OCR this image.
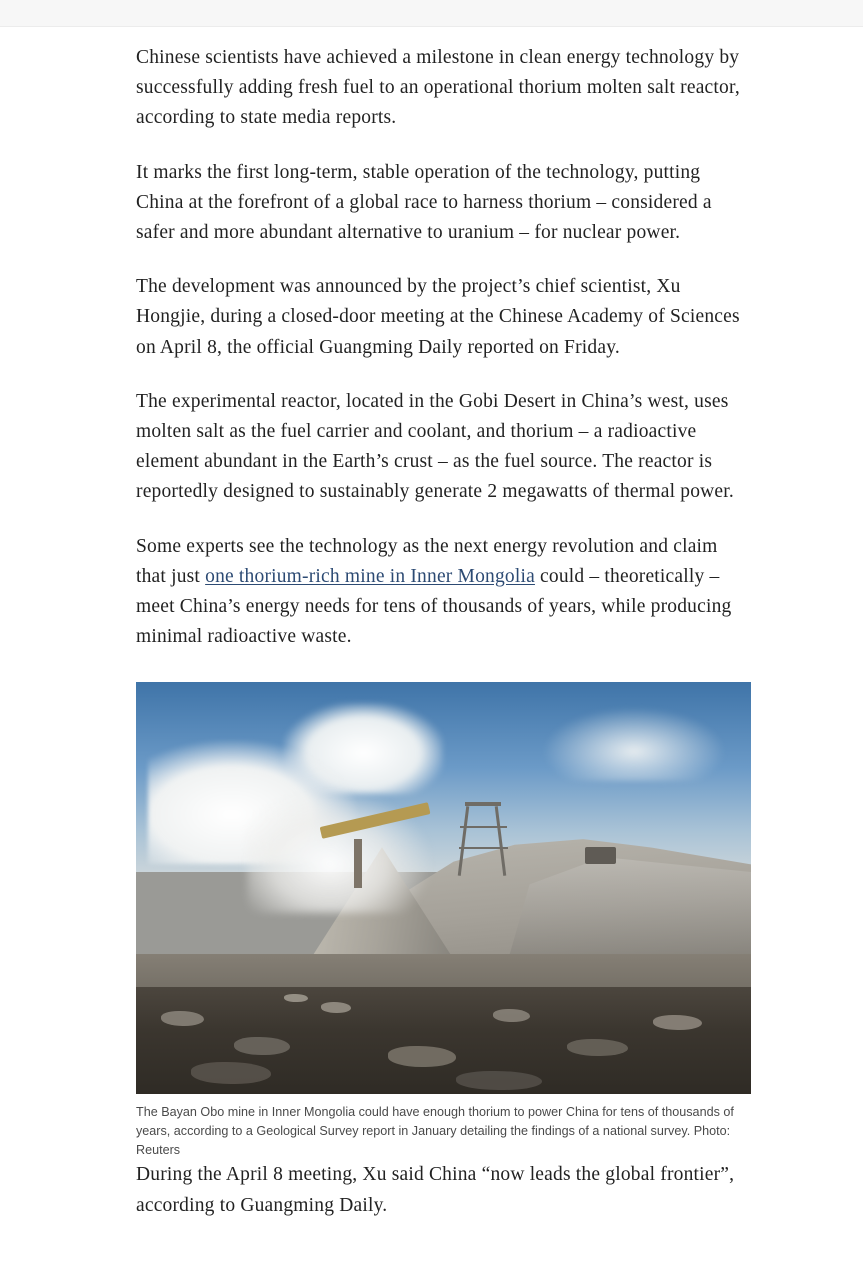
Chinese scientists have achieved a milestone in clean energy technology by successfully adding fresh fuel to an operational thorium molten salt reactor, according to state media reports.

It marks the first long-term, stable operation of the technology, putting China at the forefront of a global race to harness thorium – considered a safer and more abundant alternative to uranium – for nuclear power.

The development was announced by the project’s chief scientist, Xu Hongjie, during a closed-door meeting at the Chinese Academy of Sciences on April 8, the official Guangming Daily reported on Friday.

The experimental reactor, located in the Gobi Desert in China’s west, uses molten salt as the fuel carrier and coolant, and thorium – a radioactive element abundant in the Earth’s crust – as the fuel source. The reactor is reportedly designed to sustainably generate 2 megawatts of thermal power.

Some experts see the technology as the next energy revolution and claim that just one thorium-rich mine in Inner Mongolia could – theoretically – meet China’s energy needs for tens of thousands of years, while producing minimal radioactive waste.

The Bayan Obo mine in Inner Mongolia could have enough thorium to power China for tens of thousands of years, according to a Geological Survey report in January detailing the findings of a national survey. Photo: Reuters

During the April 8 meeting, Xu said China “now leads the global frontier”, according to Guangming Daily.
